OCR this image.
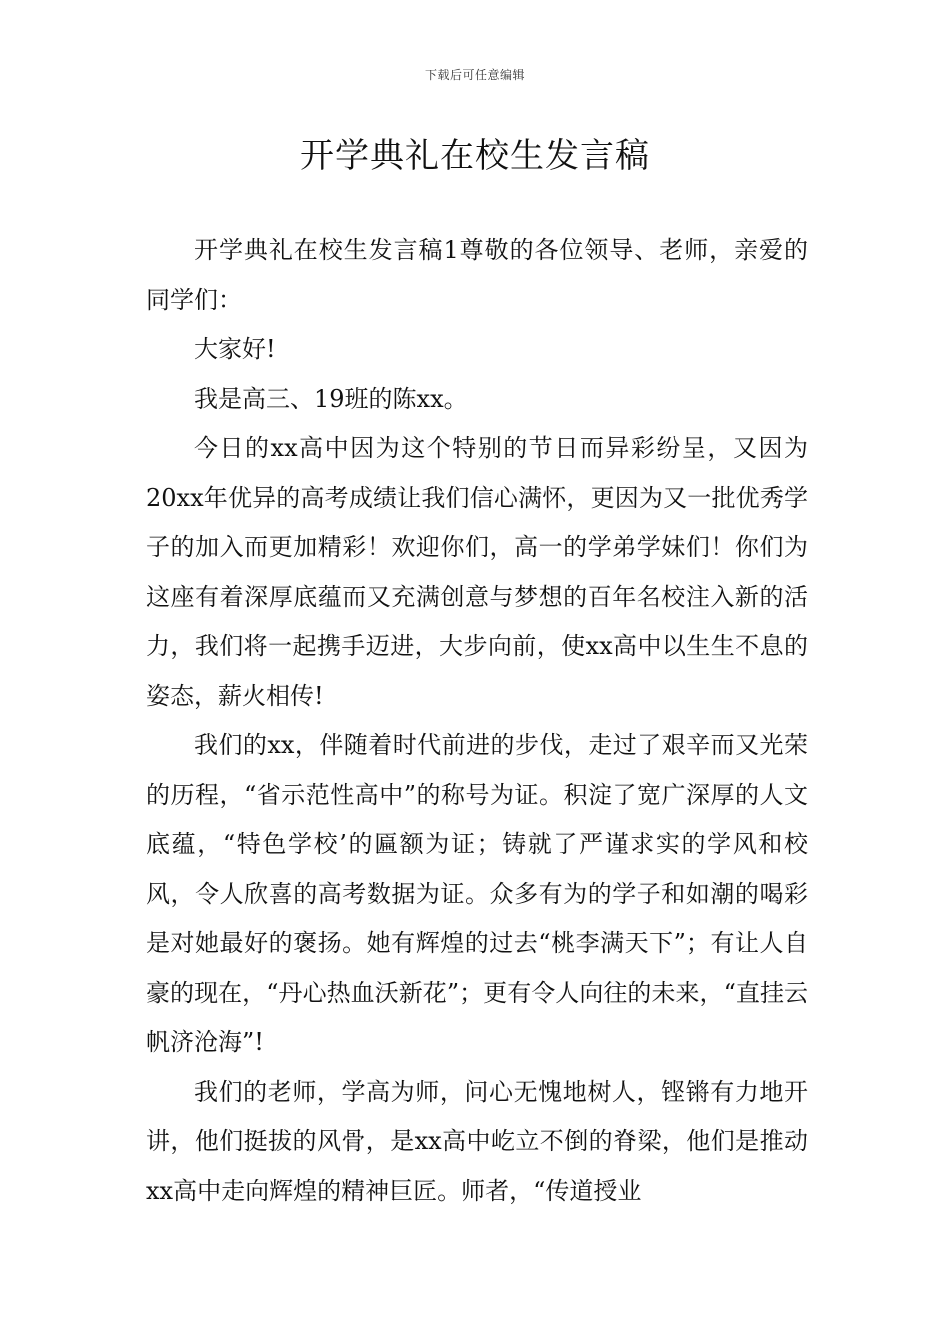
下载后可任意编辑
开学典礼在校生发言稿

开学典礼在校生发言稿1尊敬的各位领导、老师，亲爱的同学们：

大家好!

我是高三、19班的陈xx。

今日的xx高中因为这个特别的节日而异彩纷呈，又因为20xx年优异的高考成绩让我们信心满怀，更因为又一批优秀学子的加入而更加精彩！欢迎你们，高一的学弟学妹们！你们为这座有着深厚底蕴而又充满创意与梦想的百年名校注入新的活力，我们将一起携手迈进，大步向前，使xx高中以生生不息的姿态，薪火相传!

我们的xx，伴随着时代前进的步伐，走过了艰辛而又光荣的历程，“省示范性高中”的称号为证。积淀了宽广深厚的人文底蕴，“特色学校’的匾额为证；铸就了严谨求实的学风和校风，令人欣喜的高考数据为证。众多有为的学子和如潮的喝彩是对她最好的褒扬。她有辉煌的过去“桃李满天下”；有让人自豪的现在，“丹心热血沃新花”；更有令人向往的未来，“直挂云帆济沧海”!

我们的老师，学高为师，问心无愧地树人，铿锵有力地开讲，他们挺拔的风骨，是xx高中屹立不倒的脊梁，他们是推动xx高中走向辉煌的精神巨匠。师者，“传道授业
